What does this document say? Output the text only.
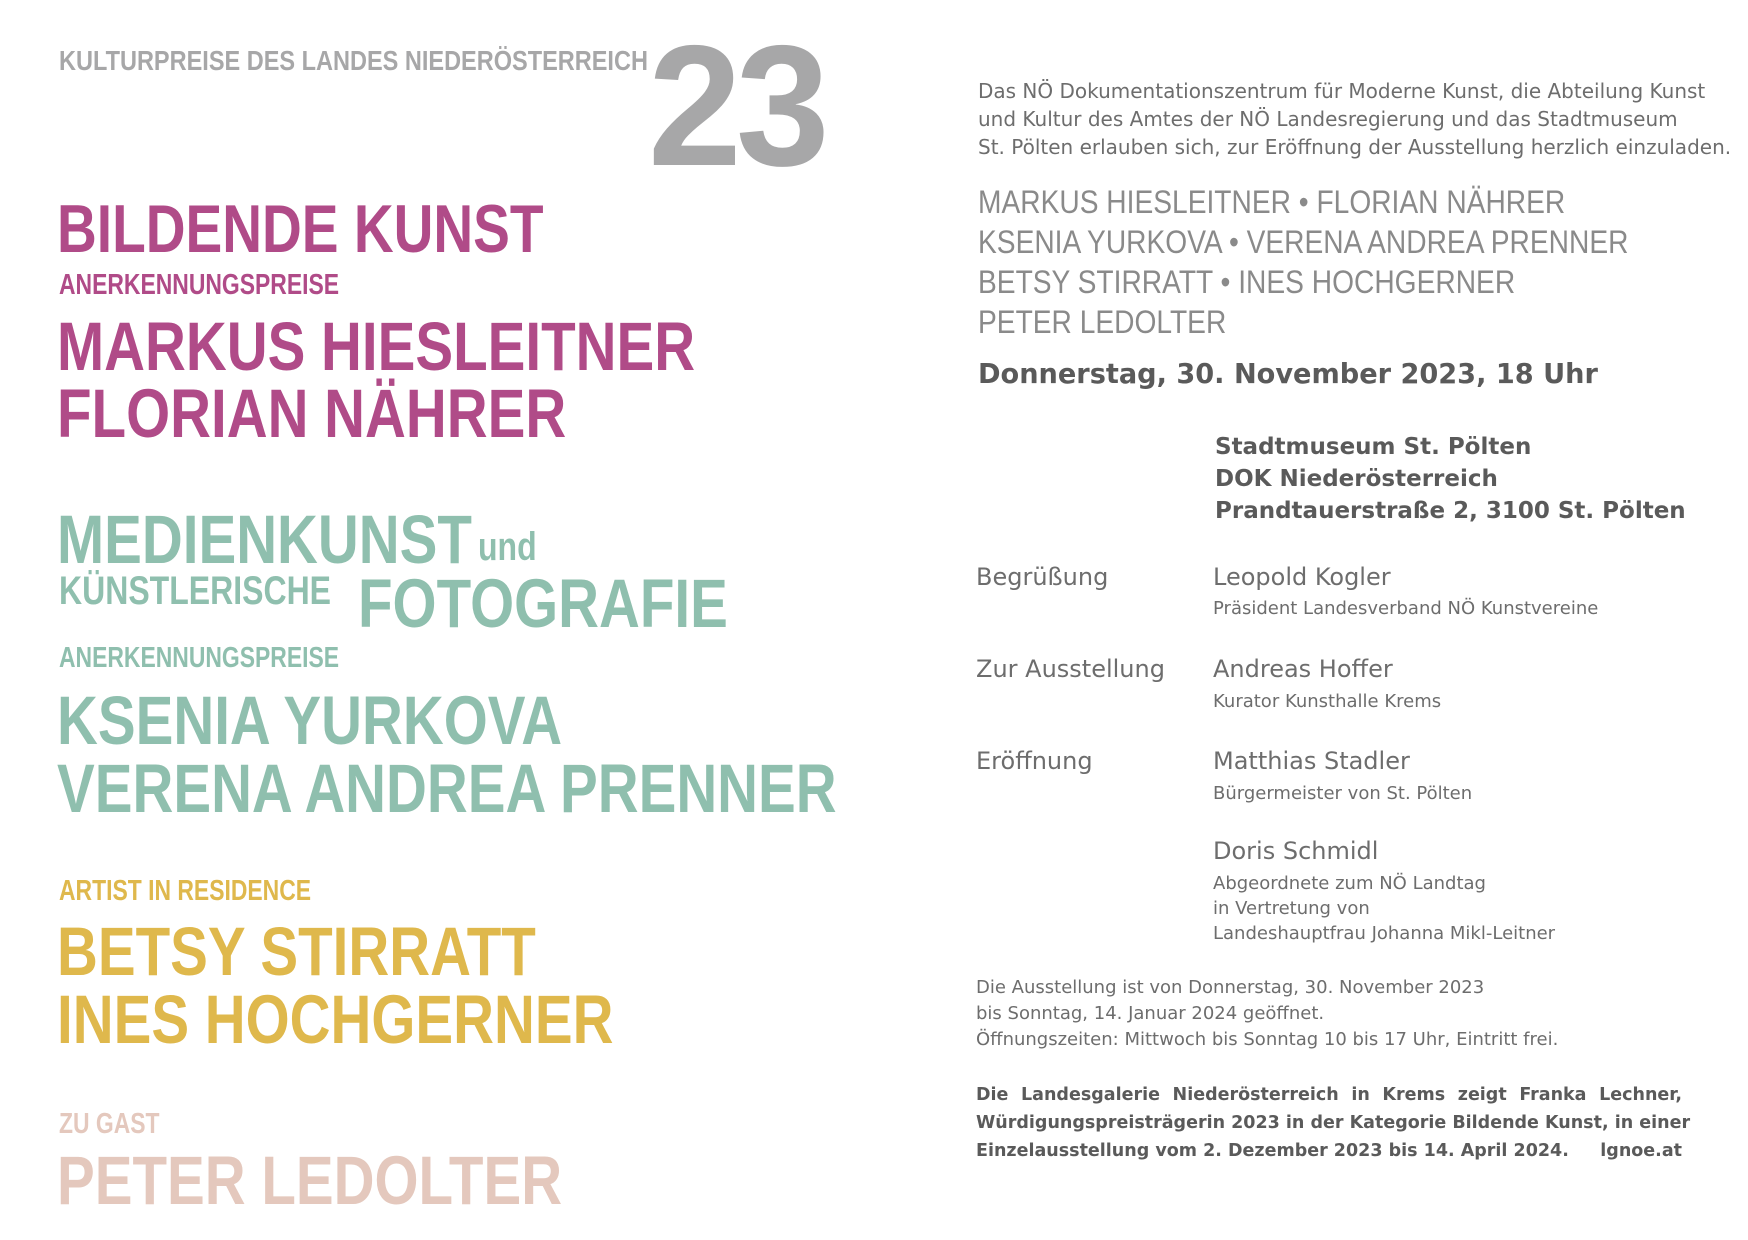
KULTURPREISE DES LANDES NIEDERÖSTERREICH 23
BILDENDE KUNST
ANERKENNUNGSPREISE
MARKUS HIESLEITNER
FLORIAN NÄHRER
MEDIENKUNST und
KÜNSTLERISCHE FOTOGRAFIE
ANERKENNUNGSPREISE
KSENIA YURKOVA
VERENA ANDREA PRENNER
ARTIST IN RESIDENCE
BETSY STIRRATT
INES HOCHGERNER
ZU GAST
PETER LEDOLTER
Das NÖ Dokumentationszentrum für Moderne Kunst, die Abteilung Kunst
und Kultur des Amtes der NÖ Landesregierung und das Stadtmuseum
St. Pölten erlauben sich, zur Eröffnung der Ausstellung herzlich einzuladen.
MARKUS HIESLEITNER • FLORIAN NÄHRER
KSENIA YURKOVA • VERENA ANDREA PRENNER
BETSY STIRRATT • INES HOCHGERNER
PETER LEDOLTER
Donnerstag, 30. November 2023, 18 Uhr
Stadtmuseum St. Pölten
DOK Niederösterreich
Prandtauerstraße 2, 3100 St. Pölten
Begrüßung	Leopold Kogler
Präsident Landesverband NÖ Kunstvereine
Zur Ausstellung Andreas Hoffer
Kurator Kunsthalle Krems
Eröffnung	Matthias Stadler
Bürgermeister von St. Pölten
Doris Schmidl
Abgeordnete zum NÖ Landtag
in Vertretung von
Landeshauptfrau Johanna Mikl-Leitner
Die Ausstellung ist von Donnerstag, 30. November 2023
bis Sonntag, 14. Januar 2024 geöffnet.
Öffnungszeiten: Mittwoch bis Sonntag 10 bis 17 Uhr, Eintritt frei.
Die Landesgalerie Niederösterreich in Krems zeigt Franka Lechner,
Würdigungspreisträgerin 2023 in der Kategorie Bildende Kunst, in einer
Einzelausstellung vom 2. Dezember 2023 bis 14. April 2024. lgnoe.at
